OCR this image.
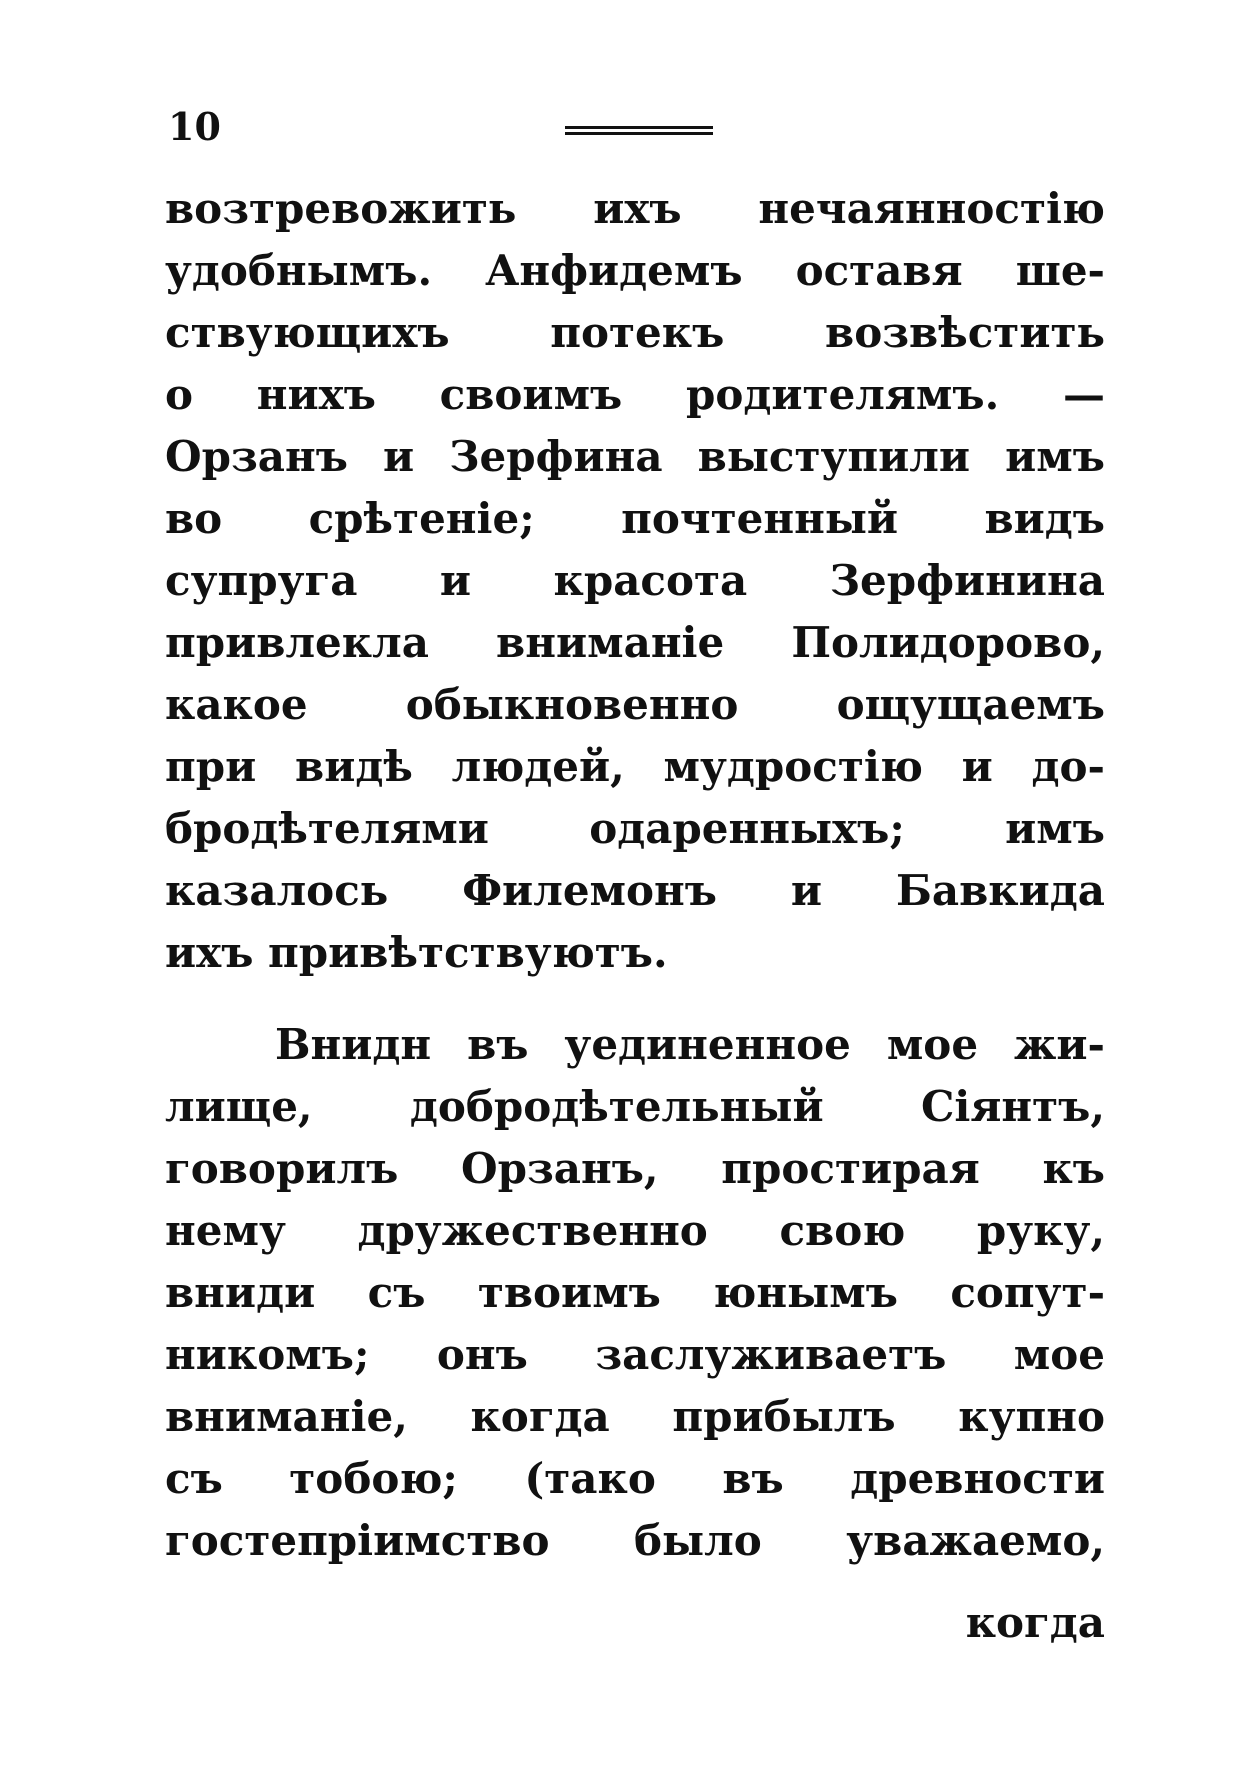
10
возтревожить ихъ нечаянностію
удобнымъ. Анфидемъ оставя ше-
ствующихъ потекъ возвѣстить
о нихъ своимъ родителямъ. —
Орзанъ и Зерфина выступили имъ
во срѣтеніе; почтенный видъ
супруга и красота Зерфинина
привлекла вниманіе Полидорово,
какое обыкновенно ощущаемъ
при видѣ людей, мудростію и до-
бродѣтелями одаренныхъ; имъ
казалось Филемонъ и Бавкида
ихъ привѣтствуютъ.
Внидн въ уединенное мое жи-
лище, добродѣтельный Сіянтъ,
говорилъ Орзанъ, простирая къ
нему дружественно свою руку,
вниди съ твоимъ юнымъ сопут-
никомъ; онъ заслуживаетъ мое
вниманіе, когда прибылъ купно
съ тобою; (тако въ древности
гостепріимство было уважаемо,
когда
